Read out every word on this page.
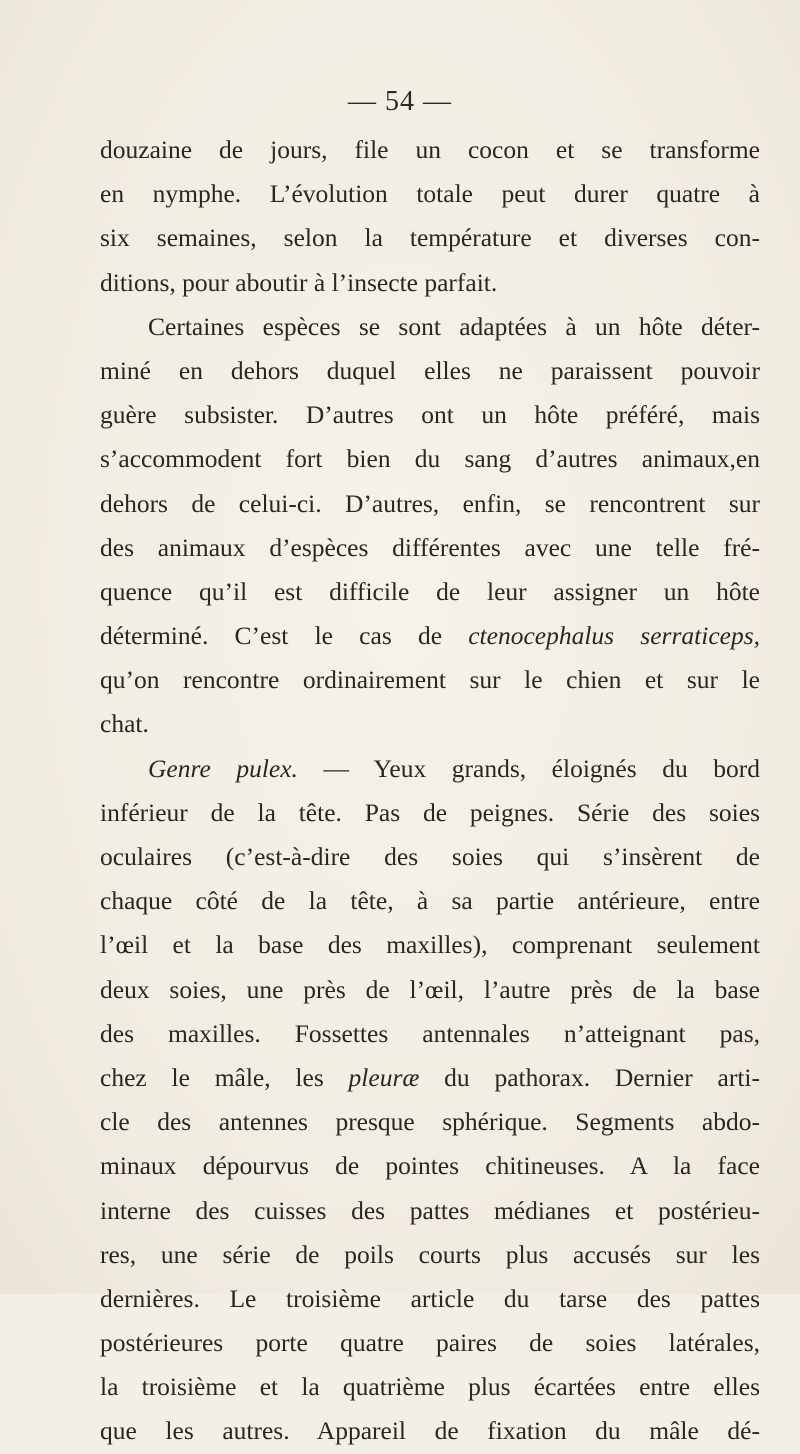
— 54 —
douzaine de jours, file un cocon et se transforme
en nymphe. L’évolution totale peut durer quatre à
six semaines, selon la température et diverses con-
ditions, pour aboutir à l’insecte parfait.
Certaines espèces se sont adaptées à un hôte déter-
miné en dehors duquel elles ne paraissent pouvoir
guère subsister. D’autres ont un hôte préféré, mais
s’accommodent fort bien du sang d’autres animaux,en
dehors de celui-ci. D’autres, enfin, se rencontrent sur
des animaux d’espèces différentes avec une telle fré-
quence qu’il est difficile de leur assigner un hôte
déterminé. C’est le cas de ctenocephalus serraticeps,
qu’on rencontre ordinairement sur le chien et sur le
chat.
Genre pulex. — Yeux grands, éloignés du bord
inférieur de la tête. Pas de peignes. Série des soies
oculaires (c’est-à-dire des soies qui s’insèrent de
chaque côté de la tête, à sa partie antérieure, entre
l’œil et la base des maxilles), comprenant seulement
deux soies, une près de l’œil, l’autre près de la base
des maxilles. Fossettes antennales n’atteignant pas,
chez le mâle, les pleuræ du pathorax. Dernier arti-
cle des antennes presque sphérique. Segments abdo-
minaux dépourvus de pointes chitineuses. A la face
interne des cuisses des pattes médianes et postérieu-
res, une série de poils courts plus accusés sur les
dernières. Le troisième article du tarse des pattes
postérieures porte quatre paires de soies latérales,
la troisième et la quatrième plus écartées entre elles
que les autres. Appareil de fixation du mâle dé-
